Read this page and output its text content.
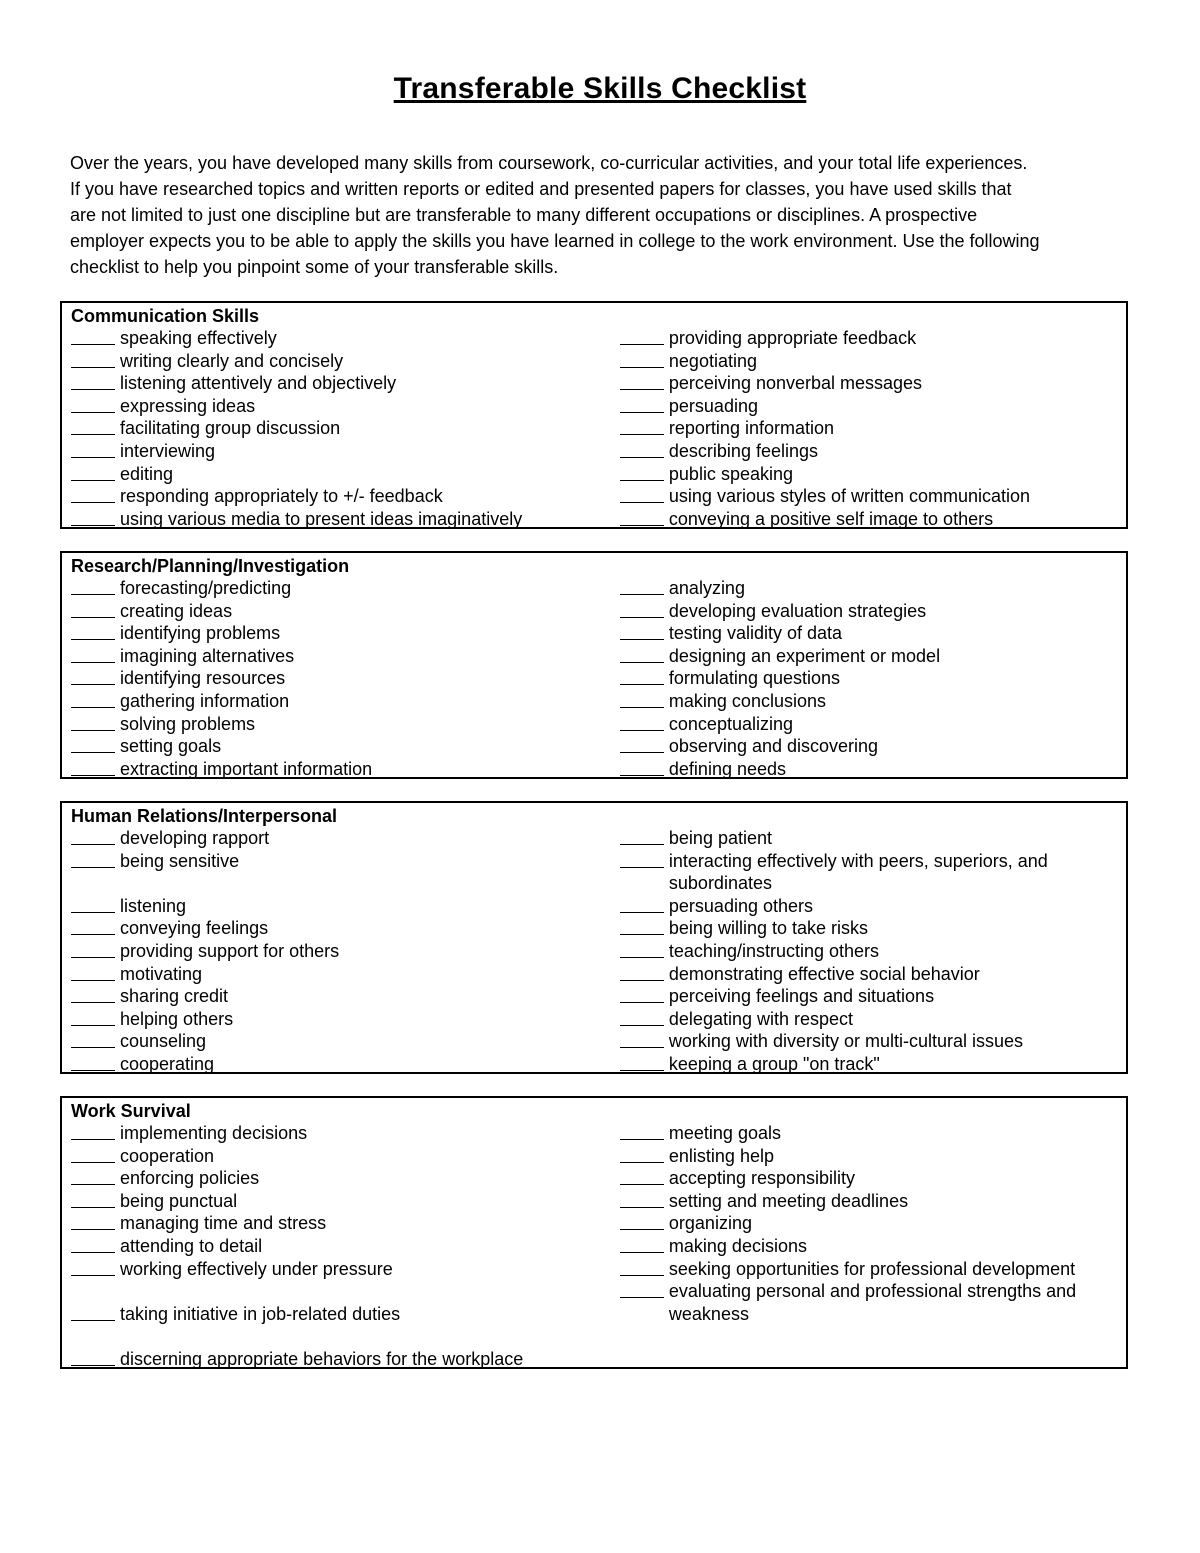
Transferable Skills Checklist
Over the years, you have developed many skills from coursework, co-curricular activities, and your total life experiences.
If you have researched topics and written reports or edited and presented papers for classes, you have used skills that
are not limited to just one discipline but are transferable to many different occupations or disciplines. A prospective
employer expects you to be able to apply the skills you have learned in college to the work environment. Use the following
checklist to help you pinpoint some of your transferable skills.
Communication Skills
speaking effectively
writing clearly and concisely
listening attentively and objectively
expressing ideas
facilitating group discussion
interviewing
editing
responding appropriately to +/- feedback
using various media to present ideas imaginatively
providing appropriate feedback
negotiating
perceiving nonverbal messages
persuading
reporting information
describing feelings
public speaking
using various styles of written communication
conveying a positive self image to others
Research/Planning/Investigation
forecasting/predicting
creating ideas
identifying problems
imagining alternatives
identifying resources
gathering information
solving problems
setting goals
extracting important information
analyzing
developing evaluation strategies
testing validity of data
designing an experiment or model
formulating questions
making conclusions
conceptualizing
observing and discovering
defining needs
Human Relations/Interpersonal
developing rapport
being sensitive
listening
conveying feelings
providing support for others
motivating
sharing credit
helping others
counseling
cooperating
being patient
interacting effectively with peers, superiors, and subordinates
persuading others
being willing to take risks
teaching/instructing others
demonstrating effective social behavior
perceiving feelings and situations
delegating with respect
working with diversity or multi-cultural issues
keeping a group "on track"
Work Survival
implementing decisions
cooperation
enforcing policies
being punctual
managing time and stress
attending to detail
working effectively under pressure
taking initiative in job-related duties
discerning appropriate behaviors for the workplace
meeting goals
enlisting help
accepting responsibility
setting and meeting deadlines
organizing
making decisions
seeking opportunities for professional development
evaluating personal and professional strengths and weakness
